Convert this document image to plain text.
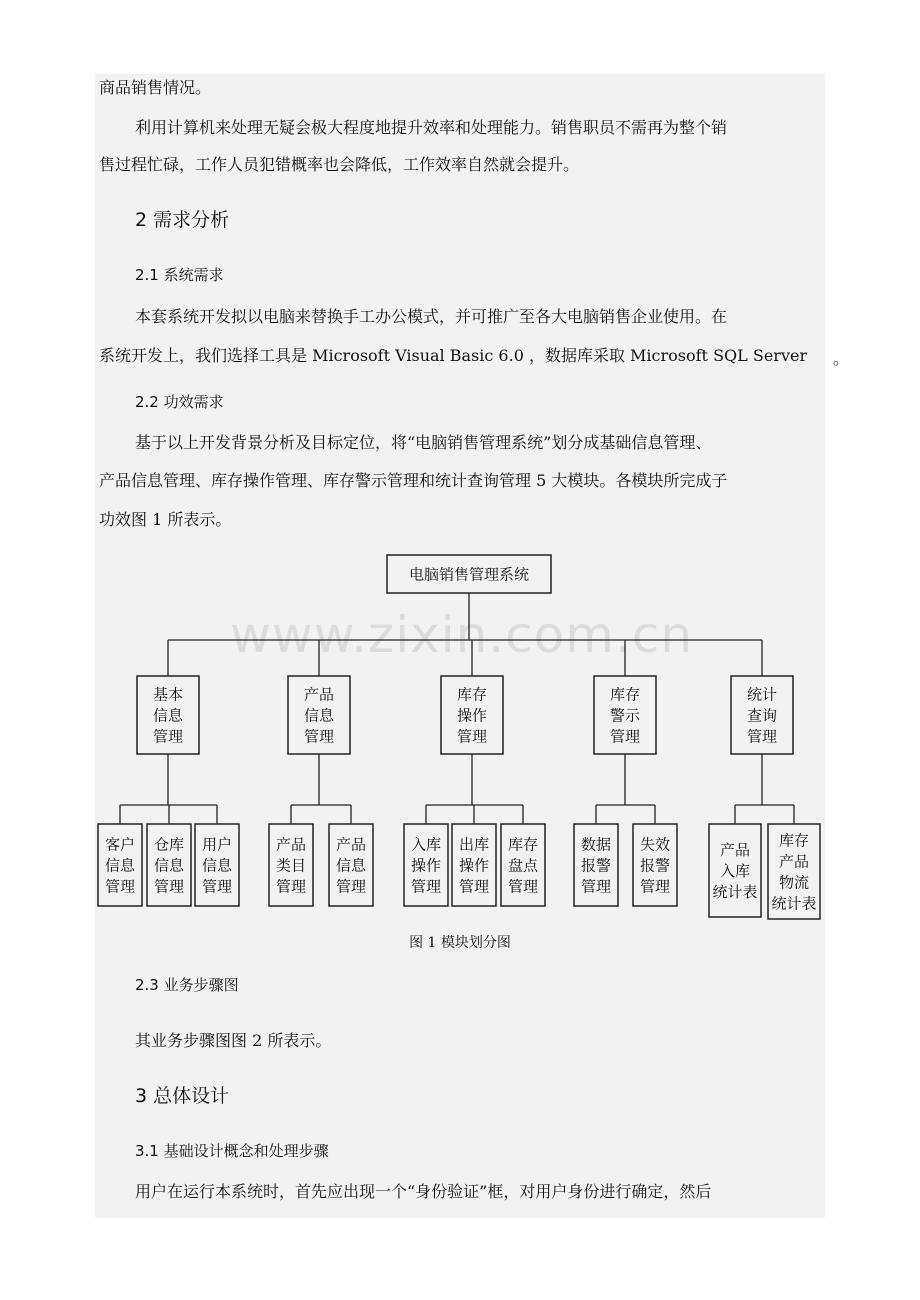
商品销售情况。
利用计算机来处理无疑会极大程度地提升效率和处理能力。销售职员不需再为整个销
售过程忙碌，工作人员犯错概率也会降低，工作效率自然就会提升。
2 需求分析
2.1 系统需求
本套系统开发拟以电脑来替换手工办公模式，并可推广至各大电脑销售企业使用。在
系统开发上，我们选择工具是 Microsoft Visual Basic 6.0 ，数据库采取 Microsoft SQL Server 。
2.2 功效需求
基于以上开发背景分析及目标定位，将“电脑销售管理系统”划分成基础信息管理、
产品信息管理、库存操作管理、库存警示管理和统计查询管理 5 大模块。各模块所完成子
功效图 1 所表示。
电脑销售管理系统
基本
信息
管理
客户
信息
管理
仓库
信息
管理
用户
信息
管理
产品
信息
管理
产品
类目
管理
产品
信息
管理
库存
操作
管理
入库
操作
管理
出库
操作
管理
库存
盘点
管理
库存
警示
管理
数据
报警
管理
失效
报警
管理
统计
查询
管理
产品
入库
统计表
库存
产品
物流
统计表
图 1 模块划分图
2.3 业务步骤图
其业务步骤图图 2 所表示。
3 总体设计
3.1 基础设计概念和处理步骤
用户在运行本系统时，首先应出现一个“身份验证”框，对用户身份进行确定，然后
